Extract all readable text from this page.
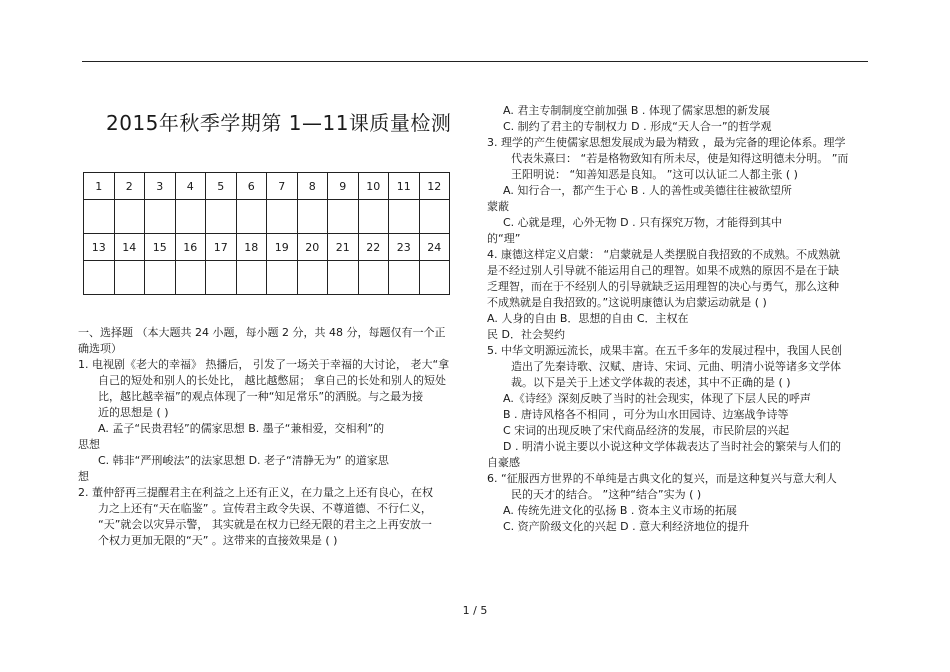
2015年秋季学期第 1—11课质量检测
1	2	3	4	5	6	7	8	9	10	11	12

13	14	15	16	17	18	19	20	21	22	23	24

一、选择题 （本大题共 24 小题，每小题 2 分，共 48 分，每题仅有一个正

确选项）

1. 电视剧《老大的幸福》 热播后， 引发了一场关于幸福的大讨论， 老大“拿

自己的短处和别人的长处比， 越比越憋屈； 拿自己的长处和别人的短处

比，越比越幸福”的观点体现了一种“知足常乐”的洒脱。与之最为接

近的思想是 ( )

A. 孟子“民贵君轻”的儒家思想 B. 墨子“兼相爱，交相利”的

思想

C. 韩非“严刑峻法”的法家思想 D. 老子“清静无为” 的道家思

想

2. 董仲舒再三提醒君主在利益之上还有正义，在力量之上还有良心，在权

力之上还有“天在临鉴” 。宣传君主政令失误、不尊道德、不行仁义，

“天”就会以灾异示警， 其实就是在权力已经无限的君主之上再安放一

个权力更加无限的“天” 。这带来的直接效果是 ( )

A. 君主专制制度空前加强 B . 体现了儒家思想的新发展

C. 制约了君主的专制权力 D . 形成“天人合一”的哲学观

3. 理学的产生使儒家思想发展成为最为精致 ，最为完备的理论体系。理学

代表朱熹曰： “若是格物致知有所未尽，使是知得这明德未分明。 ”而

王阳明说： “知善知恶是良知。 ”这可以认证二人都主张 ( )

A. 知行合一，都产生于心 B . 人的善性或美德往往被欲望所

蒙蔽

C. 心就是理，心外无物 D . 只有探究万物，才能得到其中

的“理”

4. 康德这样定义启蒙： “启蒙就是人类摆脱自我招致的不成熟。不成熟就

是不经过别人引导就不能运用自己的理智。如果不成熟的原因不是在于缺

乏理智，而在于不经别人的引导就缺乏运用理智的决心与勇气，那么这种

不成熟就是自我招致的。”这说明康德认为启蒙运动就是 ( )

A. 人身的自由 B．思想的自由 C．主权在

民 D．社会契约

5. 中华文明源远流长，成果丰富。在五千多年的发展过程中，我国人民创

造出了先秦诗歌、汉赋、唐诗、宋词、元曲、明清小说等诸多文学体

裁。以下是关于上述文学体裁的表述，其中不正确的是 ( )

A.《诗经》深刻反映了当时的社会现实，体现了下层人民的呼声

B . 唐诗风格各不相同 ，可分为山水田园诗、边塞战争诗等

C 宋词的出现反映了宋代商品经济的发展，市民阶层的兴起

D . 明清小说主要以小说这种文学体裁表达了当时社会的繁荣与人们的

自豪感

6. “征服西方世界的不单纯是古典文化的复兴，而是这种复兴与意大利人

民的天才的结合。 ”这种“结合”实为 ( )

A. 传统先进文化的弘扬 B . 资本主义市场的拓展

C. 资产阶级文化的兴起 D . 意大利经济地位的提升

1 / 5
